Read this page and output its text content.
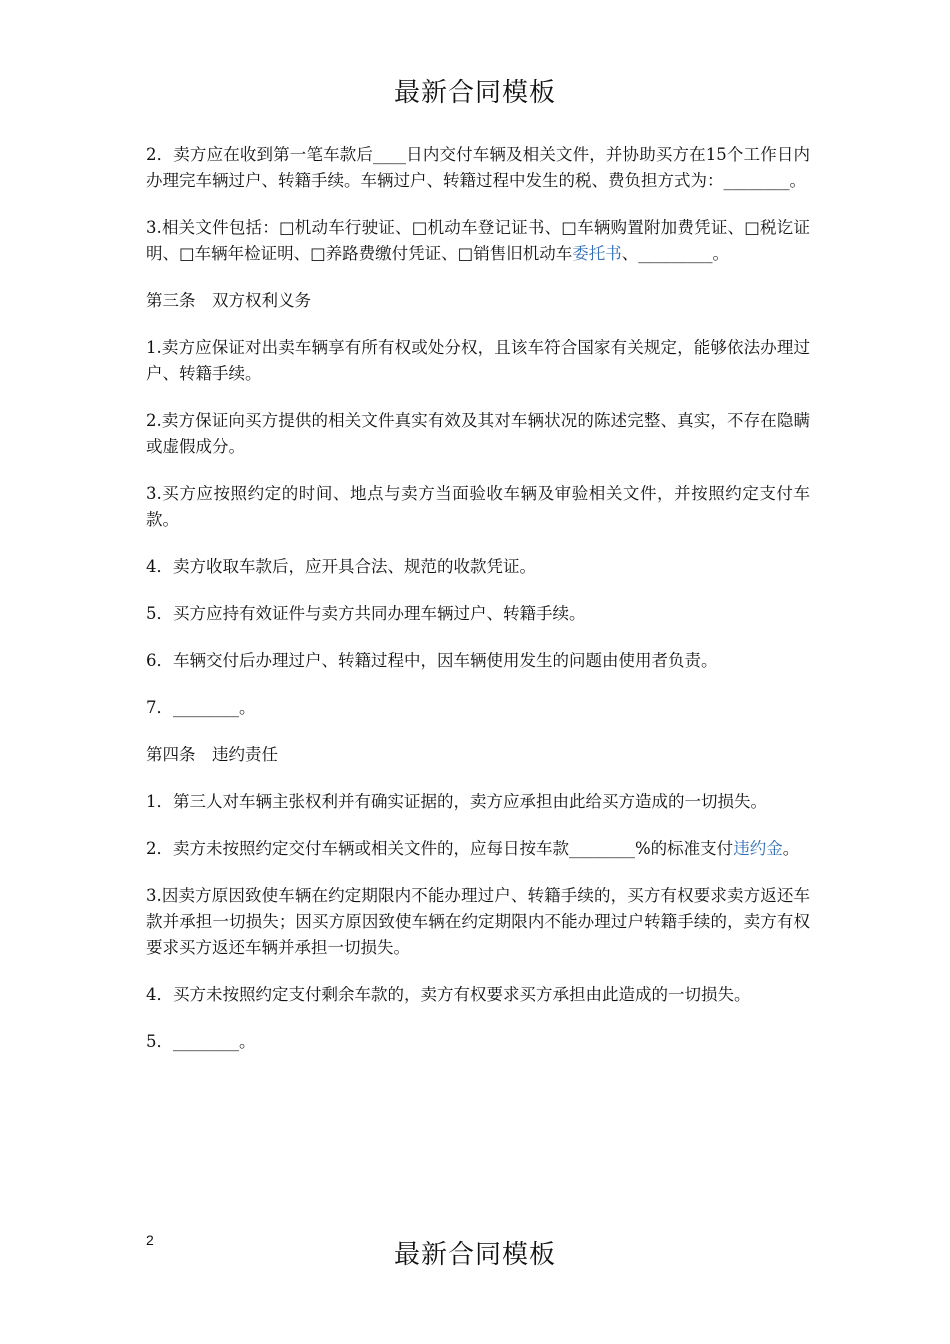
最新合同模板

2．卖方应在收到第一笔车款后____日内交付车辆及相关文件，并协助买方在15个工作日内办理完车辆过户、转籍手续。车辆过户、转籍过程中发生的税、费负担方式为：________。

3.相关文件包括：□机动车行驶证、□机动车登记证书、□车辆购置附加费凭证、□税讫证明、□车辆年检证明、□养路费缴付凭证、□销售旧机动车委托书、_________。

第三条　双方权利义务

1.卖方应保证对出卖车辆享有所有权或处分权，且该车符合国家有关规定，能够依法办理过户、转籍手续。

2.卖方保证向买方提供的相关文件真实有效及其对车辆状况的陈述完整、真实，不存在隐瞒或虚假成分。

3.买方应按照约定的时间、地点与卖方当面验收车辆及审验相关文件，并按照约定支付车款。

4．卖方收取车款后，应开具合法、规范的收款凭证。

5．买方应持有效证件与卖方共同办理车辆过户、转籍手续。

6．车辆交付后办理过户、转籍过程中，因车辆使用发生的问题由使用者负责。

7．________。

第四条　违约责任

1．第三人对车辆主张权利并有确实证据的，卖方应承担由此给买方造成的一切损失。

2．卖方未按照约定交付车辆或相关文件的，应每日按车款________%的标准支付违约金。

3.因卖方原因致使车辆在约定期限内不能办理过户、转籍手续的，买方有权要求卖方返还车款并承担一切损失；因买方原因致使车辆在约定期限内不能办理过户转籍手续的，卖方有权要求买方返还车辆并承担一切损失。

4．买方未按照约定支付剩余车款的，卖方有权要求买方承担由此造成的一切损失。

5．________。

2	最新合同模板
